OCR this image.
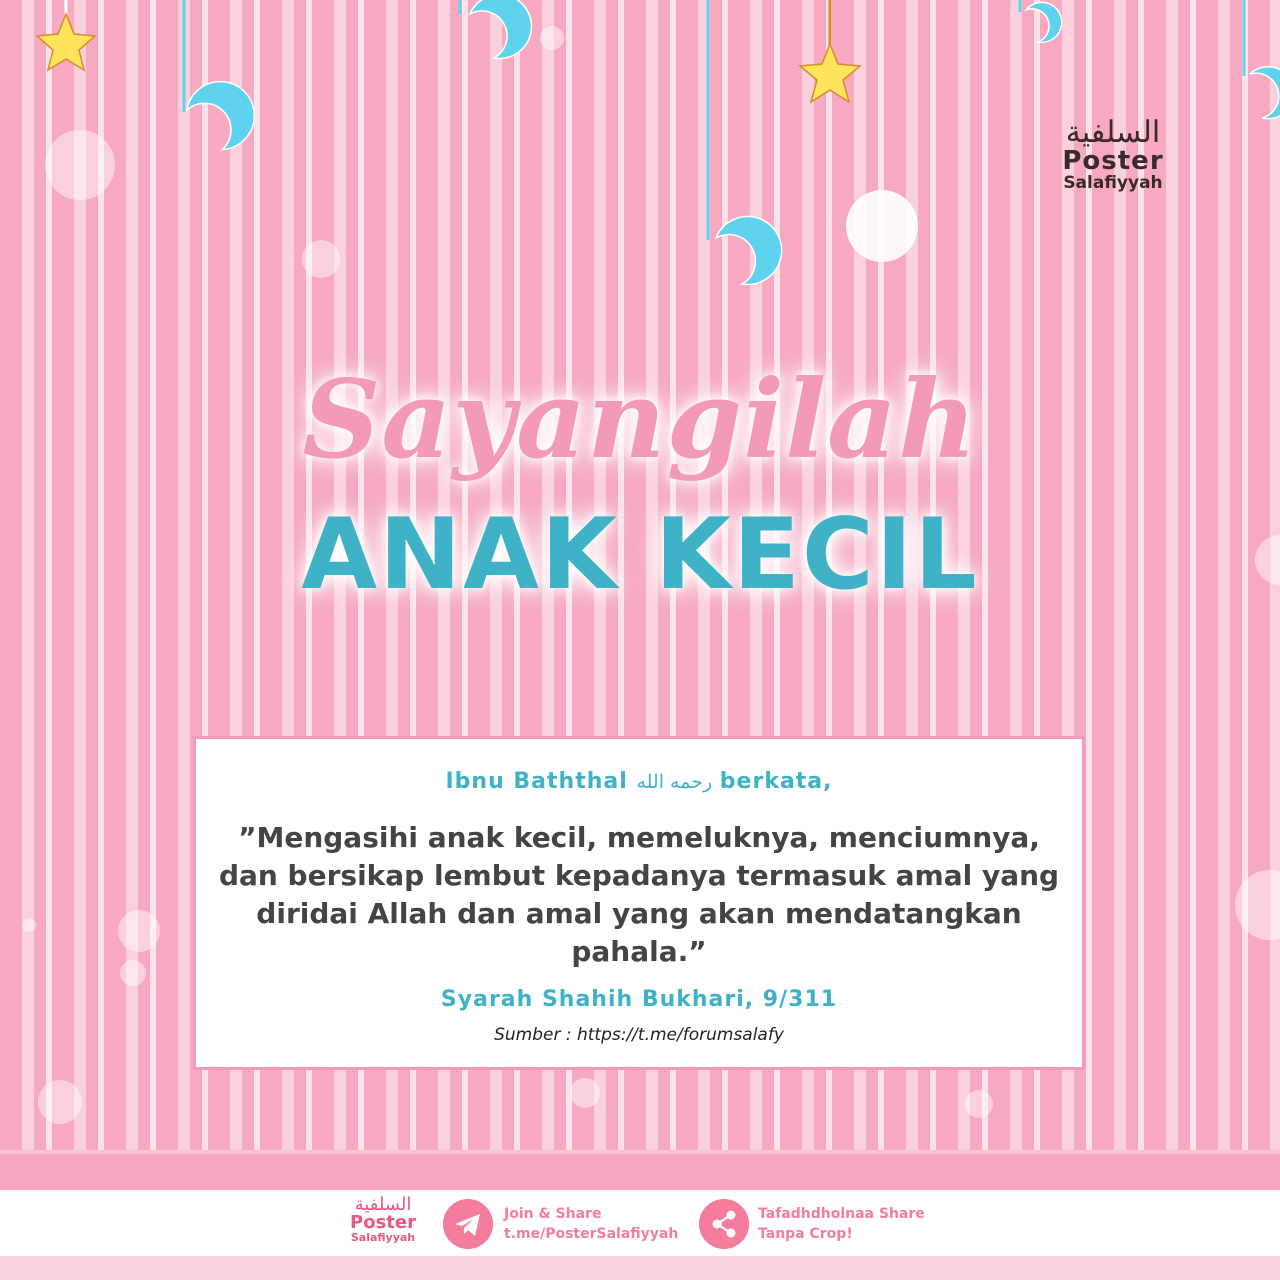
السلفية
Poster
Salafiyyah
Sayangilah
ANAK KECIL
Ibnu Baththal رحمه الله berkata,
”Mengasihi anak kecil, memeluknya, menciumnya, dan bersikap lembut kepadanya termasuk amal yang diridai Allah dan amal yang akan mendatangkan pahala.”
Syarah Shahih Bukhari, 9/311
Sumber : https://t.me/forumsalafy
السلفية
Poster
Salafiyyah
Join & Share
t.me/PosterSalafiyyah
Tafadhdholnaa Share
Tanpa Crop!
